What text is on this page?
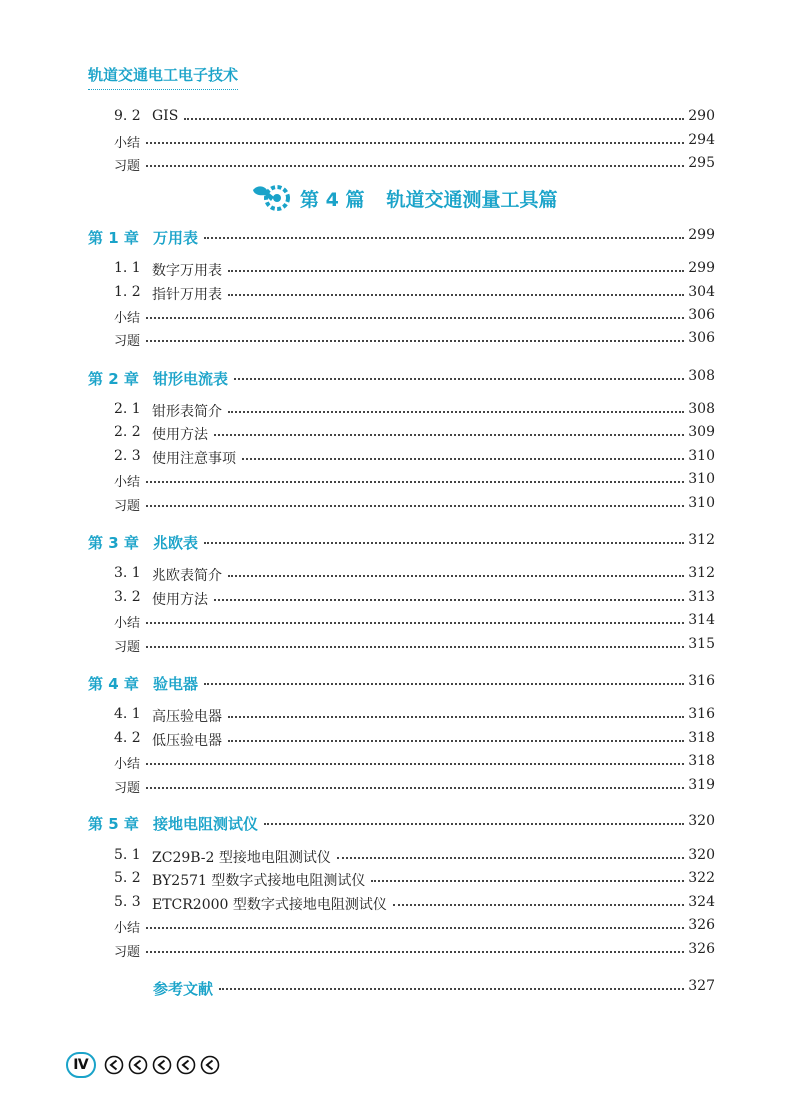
轨道交通电工电子技术
9. 2 GIS	290
小结	294
习题	295
第 4 篇 轨道交通测量工具篇
第 1 章 万用表	299
1. 1 数字万用表	299
1. 2 指针万用表	304
小结	306
习题	306
第 2 章 钳形电流表	308
2. 1 钳形表简介	308
2. 2 使用方法	309
2. 3 使用注意事项	310
小结	310
习题	310
第 3 章 兆欧表	312
3. 1 兆欧表简介	312
3. 2 使用方法	313
小结	314
习题	315
第 4 章 验电器	316
4. 1 高压验电器	316
4. 2 低压验电器	318
小结	318
习题	319
第 5 章 接地电阻测试仪	320
5. 1 ZC29B-2 型接地电阻测试仪	320
5. 2 BY2571 型数字式接地电阻测试仪	322
5. 3 ETCR2000 型数字式接地电阻测试仪	324
小结	326
习题	326
参考文献	327
Ⅳ
